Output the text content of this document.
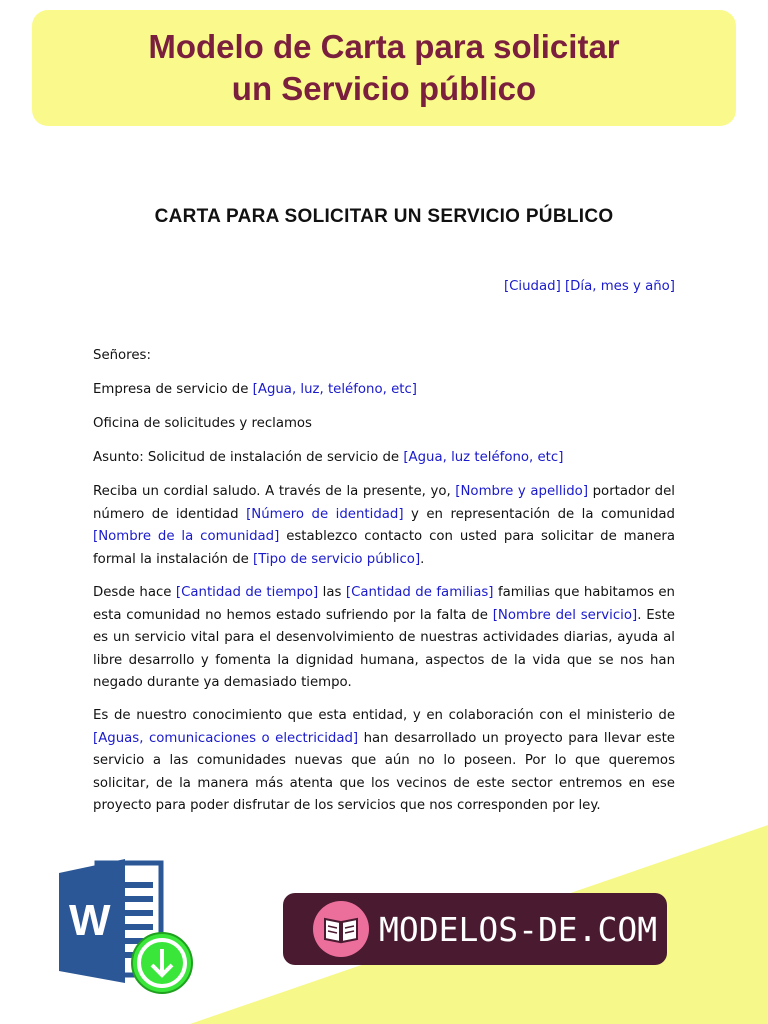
Modelo de Carta para solicitar
un Servicio público
CARTA PARA SOLICITAR UN SERVICIO PÚBLICO
[Ciudad] [Día, mes y año]
Señores:
Empresa de servicio de [Agua, luz, teléfono, etc]
Oficina de solicitudes y reclamos
Asunto: Solicitud de instalación de servicio de [Agua, luz teléfono, etc]
Reciba un cordial saludo. A través de la presente, yo, [Nombre y apellido] portador del número de identidad [Número de identidad] y en representación de la comunidad [Nombre de la comunidad] establezco contacto con usted para solicitar de manera formal la instalación de [Tipo de servicio público].
Desde hace [Cantidad de tiempo] las [Cantidad de familias] familias que habitamos en esta comunidad no hemos estado sufriendo por la falta de [Nombre del servicio]. Este es un servicio vital para el desenvolvimiento de nuestras actividades diarias, ayuda al libre desarrollo y fomenta la dignidad humana, aspectos de la vida que se nos han negado durante ya demasiado tiempo.
Es de nuestro conocimiento que esta entidad, y en colaboración con el ministerio de [Aguas, comunicaciones o electricidad] han desarrollado un proyecto para llevar este servicio a las comunidades nuevas que aún no lo poseen. Por lo que queremos solicitar, de la manera más atenta que los vecinos de este sector entremos en ese proyecto para poder disfrutar de los servicios que nos corresponden por ley.
W	MODELOS-DE.COM
